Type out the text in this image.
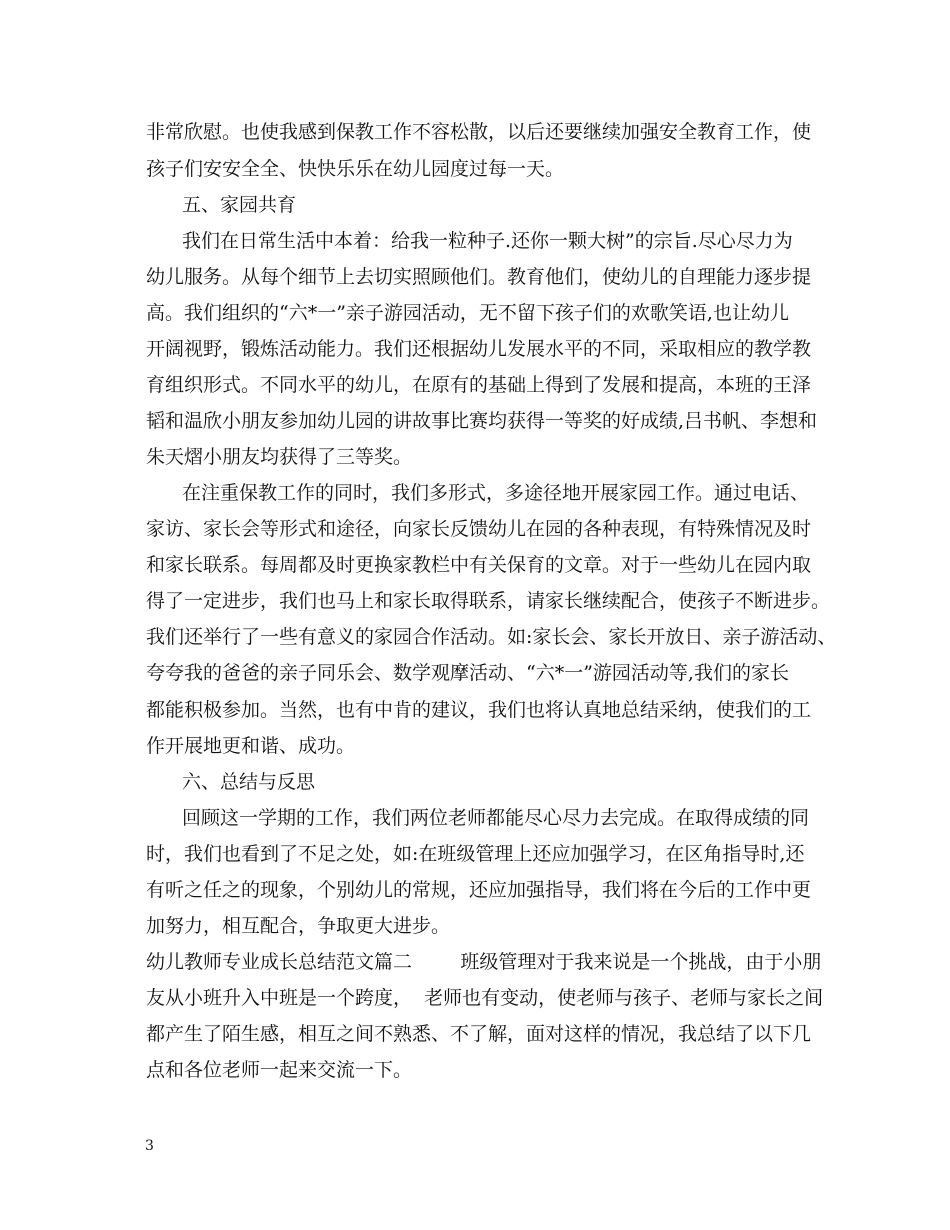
非常欣慰。也使我感到保教工作不容松散，以后还要继续加强安全教育工作，使
孩子们安安全全、快快乐乐在幼儿园度过每一天。
五、家园共育
我们在日常生活中本着：给我一粒种子.还你一颗大树”的宗旨.尽心尽力为
幼儿服务。从每个细节上去切实照顾他们。教育他们，使幼儿的自理能力逐步提
高。我们组织的“六*一”亲子游园活动，无不留下孩子们的欢歌笑语,也让幼儿
开阔视野，锻炼活动能力。我们还根据幼儿发展水平的不同，采取相应的教学教
育组织形式。不同水平的幼儿，在原有的基础上得到了发展和提高，本班的王泽
韬和温欣小朋友参加幼儿园的讲故事比赛均获得一等奖的好成绩,吕书帆、李想和
朱天熠小朋友均获得了三等奖。
在注重保教工作的同时，我们多形式，多途径地开展家园工作。通过电话、
家访、家长会等形式和途径，向家长反馈幼儿在园的各种表现，有特殊情况及时
和家长联系。每周都及时更换家教栏中有关保育的文章。对于一些幼儿在园内取
得了一定进步，我们也马上和家长取得联系，请家长继续配合，使孩子不断进步。
我们还举行了一些有意义的家园合作活动。如:家长会、家长开放日、亲子游活动、
夸夸我的爸爸的亲子同乐会、数学观摩活动、“六*一”游园活动等,我们的家长
都能积极参加。当然，也有中肯的建议，我们也将认真地总结采纳，使我们的工
作开展地更和谐、成功。
六、总结与反思
回顾这一学期的工作，我们两位老师都能尽心尽力去完成。在取得成绩的同
时，我们也看到了不足之处，如:在班级管理上还应加强学习，在区角指导时,还
有听之任之的现象，个别幼儿的常规，还应加强指导，我们将在今后的工作中更
加努力，相互配合，争取更大进步。
幼儿教师专业成长总结范文篇二        班级管理对于我来说是一个挑战，由于小朋
友从小班升入中班是一个跨度，  老师也有变动，使老师与孩子、老师与家长之间
都产生了陌生感，相互之间不熟悉、不了解，面对这样的情况，我总结了以下几
点和各位老师一起来交流一下。
3
